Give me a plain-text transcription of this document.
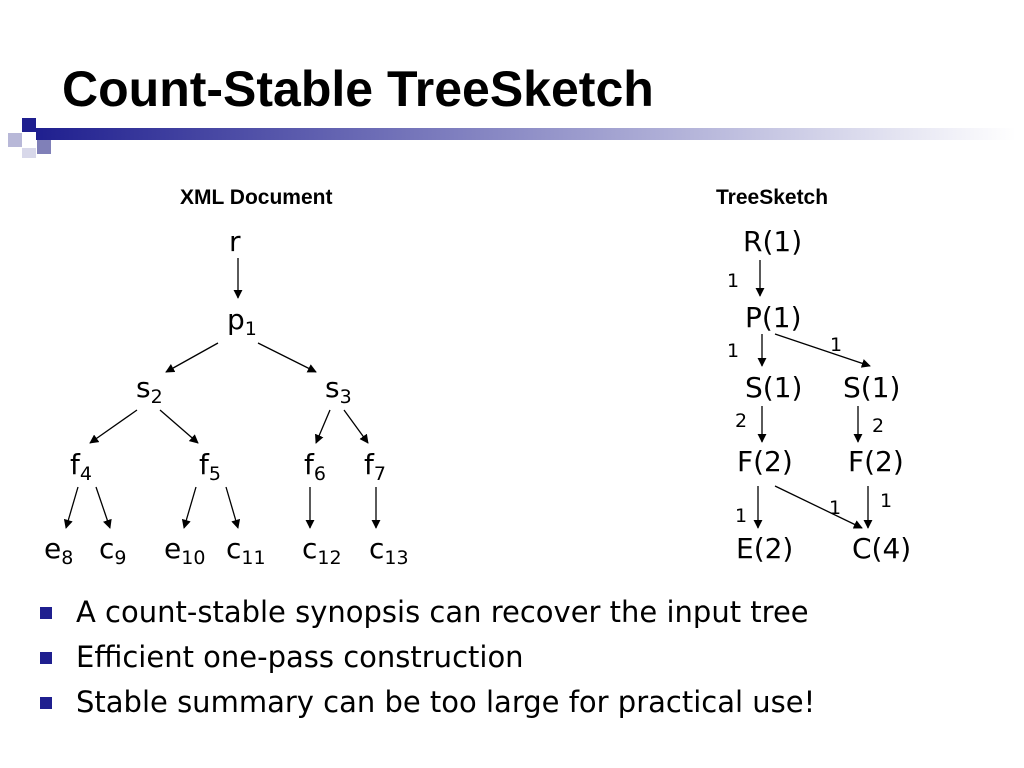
Count-Stable TreeSketch
XML Document	TreeSketch
r
$p_1$
$s_2$	$s_3$
$f_4$	$f_5$	$f_6$ $f_7$
$e_8$ $c_9$ $e_{10}$ $c_{11}$ $c_{12}$ $c_{13}$
R(1)
P(1)
S(1) S(1)
F(2) F(2)
E(2) C(4)
1
1	1
2	2
1	1 1
A count-stable synopsis can recover the input tree
Efficient one-pass construction
Stable summary can be too large for practical use!
